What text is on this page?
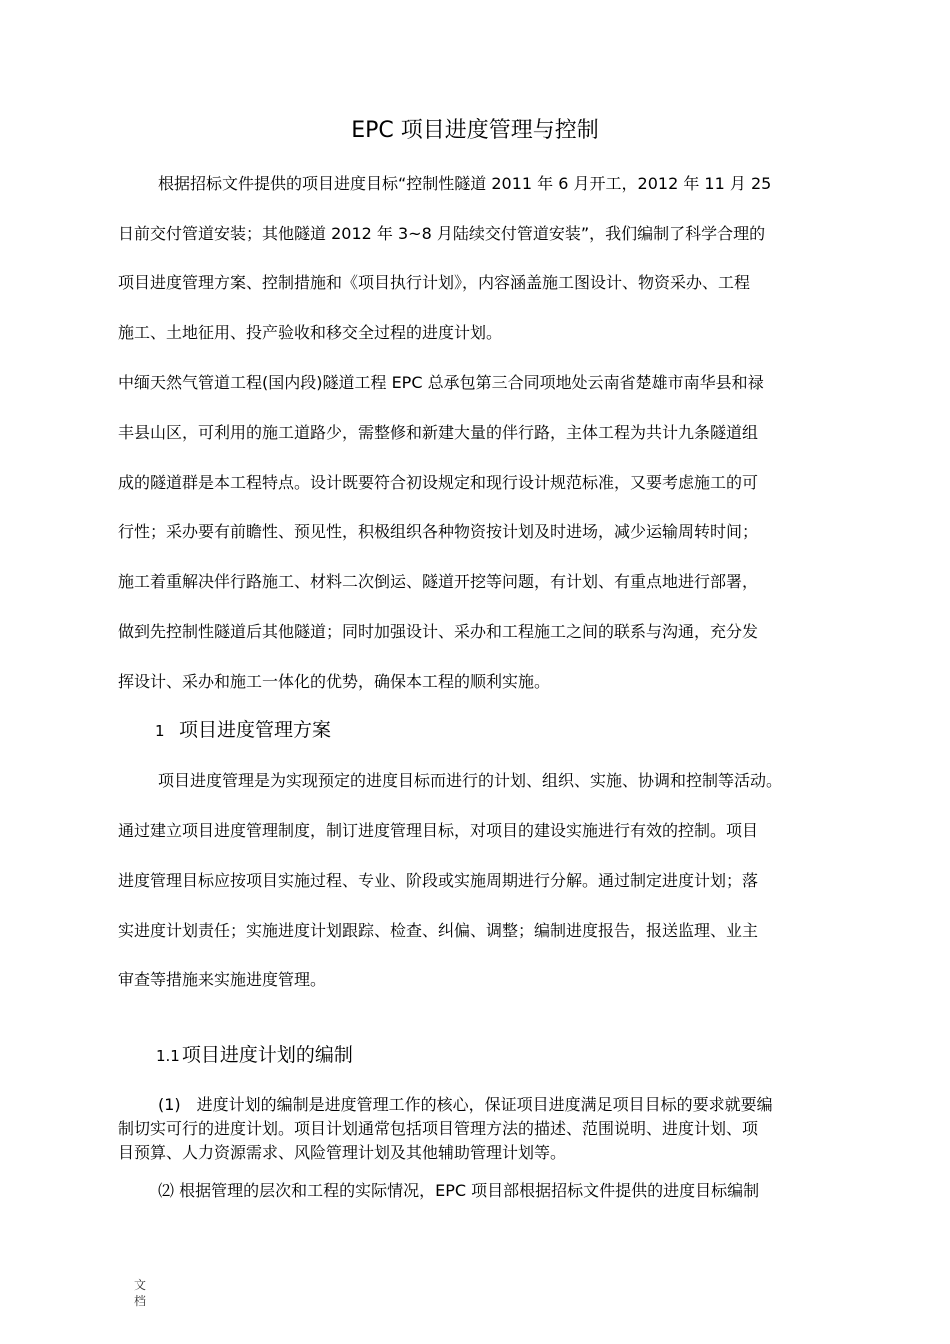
EPC 项目进度管理与控制
根据招标文件提供的项目进度目标“控制性隧道 2011 年 6 月开工，2012 年 11 月 25
日前交付管道安装；其他隧道 2012 年 3~8 月陆续交付管道安装”，我们编制了科学合理的
项目进度管理方案、控制措施和《项目执行计划》，内容涵盖施工图设计、物资采办、工程
施工、土地征用、投产验收和移交全过程的进度计划。
中缅天然气管道工程(国内段)隧道工程 EPC 总承包第三合同项地处云南省楚雄市南华县和禄
丰县山区，可利用的施工道路少，需整修和新建大量的伴行路，主体工程为共计九条隧道组
成的隧道群是本工程特点。设计既要符合初设规定和现行设计规范标准，又要考虑施工的可
行性；采办要有前瞻性、预见性，积极组织各种物资按计划及时进场，减少运输周转时间；
施工着重解决伴行路施工、材料二次倒运、隧道开挖等问题，有计划、有重点地进行部署，
做到先控制性隧道后其他隧道；同时加强设计、采办和工程施工之间的联系与沟通，充分发
挥设计、采办和施工一体化的优势，确保本工程的顺利实施。
1 项目进度管理方案
项目进度管理是为实现预定的进度目标而进行的计划、组织、实施、协调和控制等活动。
通过建立项目进度管理制度，制订进度管理目标，对项目的建设实施进行有效的控制。项目
进度管理目标应按项目实施过程、专业、阶段或实施周期进行分解。通过制定进度计划；落
实进度计划责任；实施进度计划跟踪、检查、纠偏、调整；编制进度报告，报送监理、业主
审查等措施来实施进度管理。
1.1 项目进度计划的编制
(1)　进度计划的编制是进度管理工作的核心，保证项目进度满足项目目标的要求就要编
制切实可行的进度计划。项目计划通常包括项目管理方法的描述、范围说明、进度计划、项
目预算、人力资源需求、风险管理计划及其他辅助管理计划等。
⑵ 根据管理的层次和工程的实际情况，EPC 项目部根据招标文件提供的进度目标编制
文
档
